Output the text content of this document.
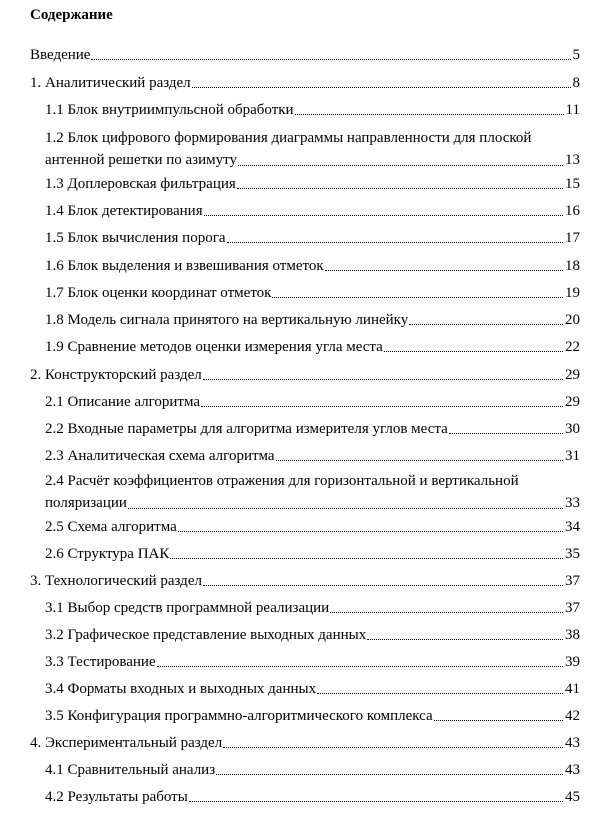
Содержание
Введение	5
1. Аналитический раздел	8
1.1 Блок внутриимпульсной обработки	11
1.2 Блок цифрового формирования диаграммы направленности для плоской
антенной решетки по азимуту	13
1.3 Доплеровская фильтрация	15
1.4 Блок детектирования	16
1.5 Блок вычисления порога	17
1.6 Блок выделения и взвешивания отметок	18
1.7 Блок оценки координат отметок	19
1.8 Модель сигнала принятого на вертикальную линейку	20
1.9 Сравнение методов оценки измерения угла места	22
2. Конструкторский раздел	29
2.1 Описание алгоритма	29
2.2 Входные параметры для алгоритма измерителя углов места	30
2.3 Аналитическая схема алгоритма	31
2.4 Расчёт коэффициентов отражения для горизонтальной и вертикальной
поляризации	33
2.5 Схема алгоритма	34
2.6 Структура ПАК	35
3. Технологический раздел	37
3.1 Выбор средств программной реализации	37
3.2 Графическое представление выходных данных	38
3.3 Тестирование	39
3.4 Форматы входных и выходных данных	41
3.5 Конфигурация программно-алгоритмического комплекса	42
4. Экспериментальный раздел	43
4.1 Сравнительный анализ	43
4.2 Результаты работы	45
